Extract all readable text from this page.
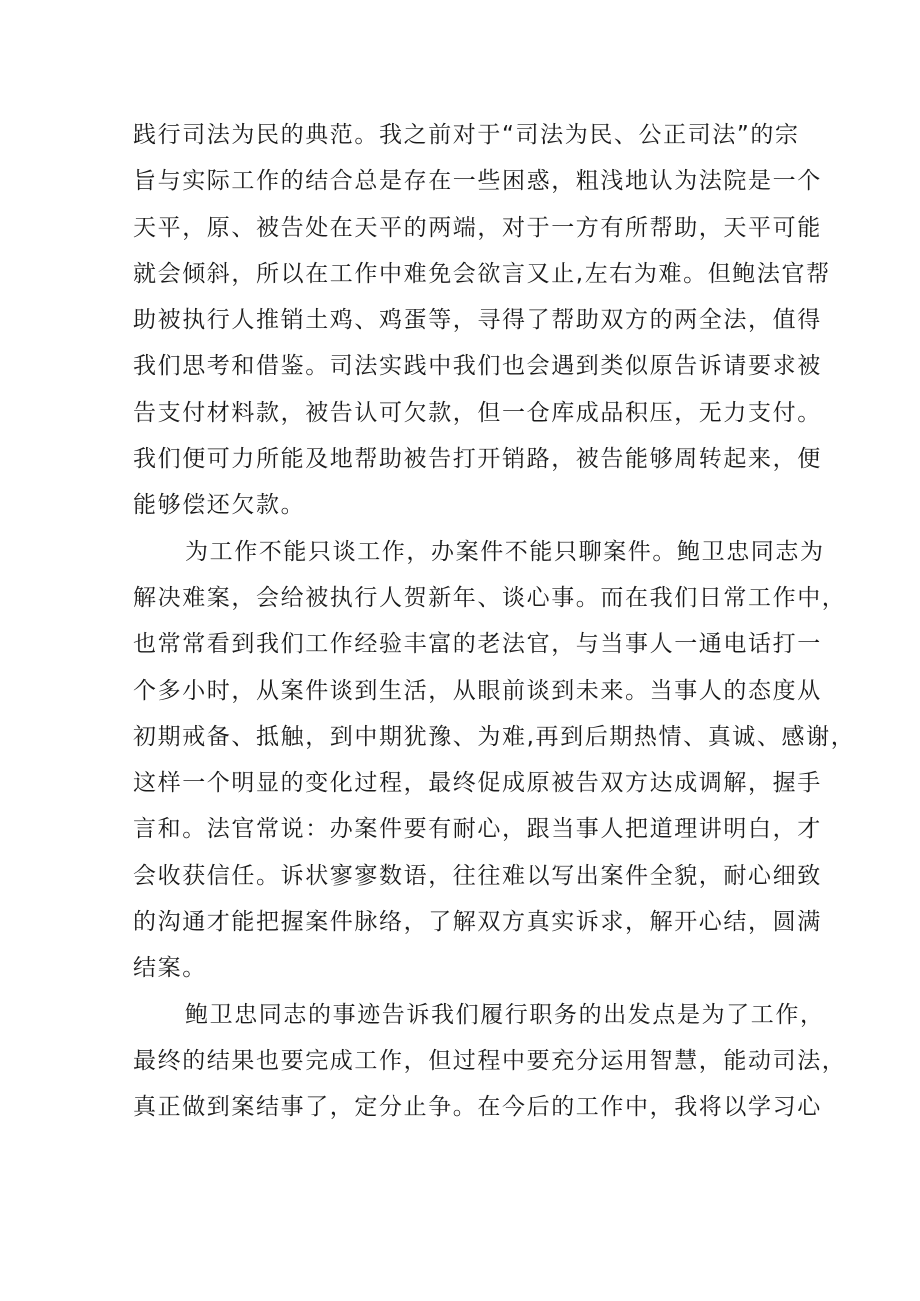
践行司法为民的典范。我之前对于“司法为民、公正司法”的宗
旨与实际工作的结合总是存在一些困惑，粗浅地认为法院是一个
天平，原、被告处在天平的两端，对于一方有所帮助，天平可能
就会倾斜，所以在工作中难免会欲言又止,左右为难。但鲍法官帮
助被执行人推销土鸡、鸡蛋等，寻得了帮助双方的两全法，值得
我们思考和借鉴。司法实践中我们也会遇到类似原告诉请要求被
告支付材料款，被告认可欠款，但一仓库成品积压，无力支付。
我们便可力所能及地帮助被告打开销路，被告能够周转起来，便
能够偿还欠款。
为工作不能只谈工作，办案件不能只聊案件。鲍卫忠同志为
解决难案，会给被执行人贺新年、谈心事。而在我们日常工作中，
也常常看到我们工作经验丰富的老法官，与当事人一通电话打一
个多小时，从案件谈到生活，从眼前谈到未来。当事人的态度从
初期戒备、抵触，到中期犹豫、为难,再到后期热情、真诚、感谢，
这样一个明显的变化过程，最终促成原被告双方达成调解，握手
言和。法官常说：办案件要有耐心，跟当事人把道理讲明白，才
会收获信任。诉状寥寥数语，往往难以写出案件全貌，耐心细致
的沟通才能把握案件脉络，了解双方真实诉求，解开心结，圆满
结案。
鲍卫忠同志的事迹告诉我们履行职务的出发点是为了工作，
最终的结果也要完成工作，但过程中要充分运用智慧，能动司法，
真正做到案结事了，定分止争。在今后的工作中，我将以学习心
